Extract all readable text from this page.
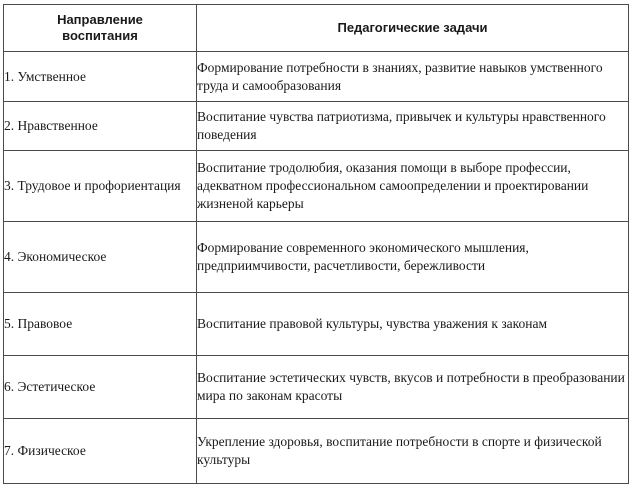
Направление воспитания	Педагогические задачи
1. Умственное	Формирование потребности в знаниях, развитие навыков умственного труда и самообразования
2. Нравственное	Воспитание чувства патриотизма, привычек и культуры нравственного поведения
3. Трудовое и профориентация	Воспитание тродолюбия, оказания помощи в выборе профессии, адекватном профессиональном самоопределении и проектировании жизненой карьеры
4. Экономическое	Формирование современного экономического мышления, предприимчивости, расчетливости, бережливости
5. Правовое	Воспитание правовой культуры, чувства уважения к законам
6. Эстетическое	Воспитание эстетических чувств, вкусов и потребности в преобразовании мира по законам красоты
7. Физическое	Укрепление здоровья, воспитание потребности в спорте и физической культуры
